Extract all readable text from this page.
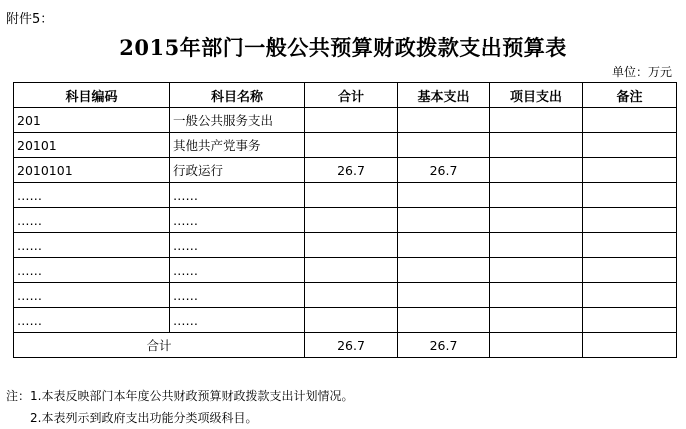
附件5：
2015年部门一般公共预算财政拨款支出预算表
单位：万元
科目编码	科目名称	合计	基本支出	项目支出	备注
201	一般公共服务支出				
20101	其他共产党事务				
2010101	行政运行	26.7	26.7		
……	……				
……	……				
……	……				
……	……				
……	……				
……	……				
合计		26.7	26.7		
注：1.本表反映部门本年度公共财政预算财政拨款支出计划情况。
2.本表列示到政府支出功能分类项级科目。
